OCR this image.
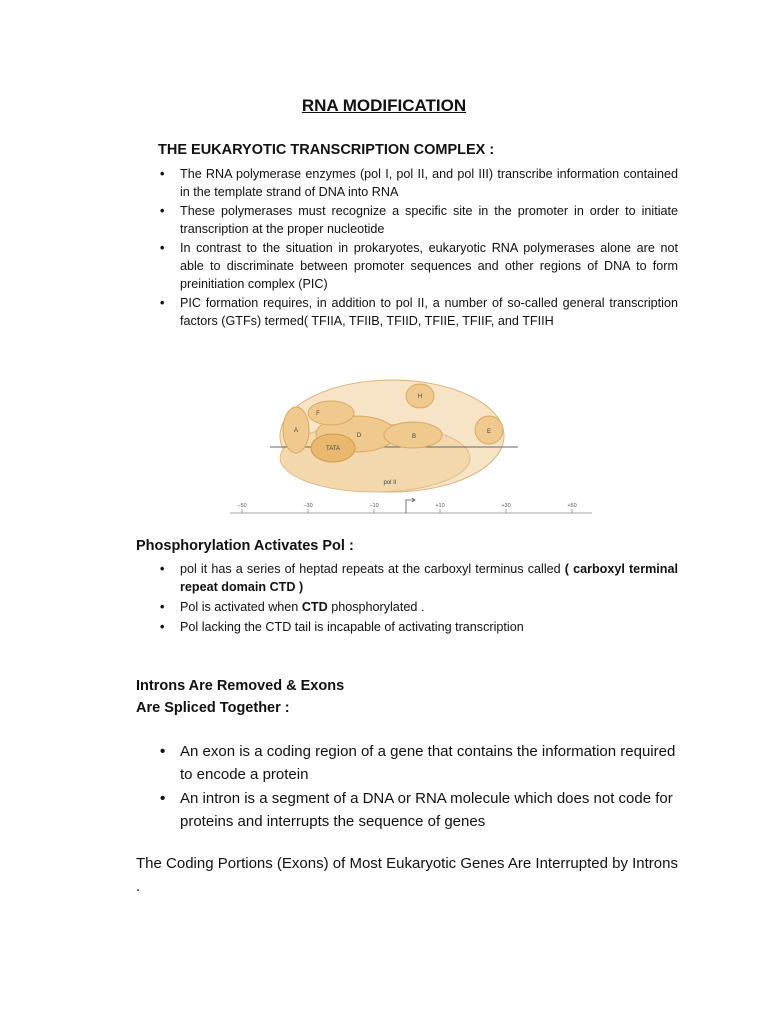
RNA MODIFICATION
THE EUKARYOTIC TRANSCRIPTION COMPLEX :
• The RNA polymerase enzymes (pol I, pol II, and pol III) transcribe information contained in the template strand of DNA into RNA
• These polymerases must recognize a specific site in the promoter in order to initiate transcription at the proper nucleotide
• In contrast to the situation in prokaryotes, eukaryotic RNA polymerases alone are not able to discriminate between promoter sequences and other regions of DNA to form preinitiation complex (PIC)
• PIC formation requires, in addition to pol II, a number of so-called general transcription factors (GTFs) termed( TFIIA, TFIIB, TFIID, TFIIE, TFIIF, and TFIIH
A
F
H
D	B
E
TATA
pol II
−50	−30	−10	+10	+30	+50
Phosphorylation Activates Pol :
• pol it has a series of heptad repeats at the carboxyl terminus called ( carboxyl terminal repeat domain CTD )
• Pol is activated when CTD phosphorylated .
• Pol lacking the CTD tail is incapable of activating transcription
Introns Are Removed & Exons
Are Spliced Together :
• An exon is a coding region of a gene that contains the information required to encode a protein
• An intron is a segment of a DNA or RNA molecule which does not code for proteins and interrupts the sequence of genes
The Coding Portions (Exons) of Most Eukaryotic Genes Are Interrupted by Introns .
